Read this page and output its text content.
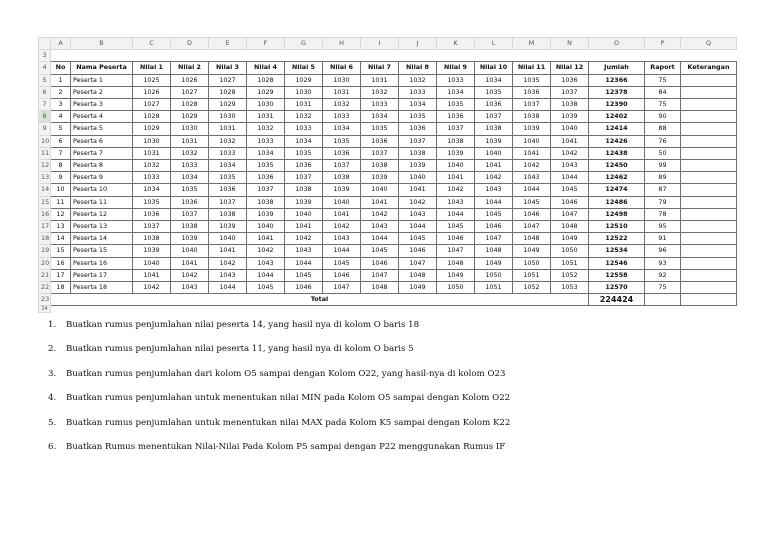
	A	B	C	D	E	F	G	H	I	J	K	L	M	N	O	P	Q
3																	
4	No	Nama Peserta	Nilai 1	Nilai 2	Nilai 3	Nilai 4	Nilai 5	Nilai 6	Nilai 7	Nilai 8	Nilai 9	Nilai 10	Nilai 11	Nilai 12	Jumlah	Raport	Keterangan
5	1	Peserta 1	1025	1026	1027	1028	1029	1030	1031	1032	1033	1034	1035	1036	12366	75	
6	2	Peserta 2	1026	1027	1028	1029	1030	1031	1032	1033	1034	1035	1036	1037	12378	84	
7	3	Peserta 3	1027	1028	1029	1030	1031	1032	1033	1034	1035	1036	1037	1038	12390	75	
8	4	Peserta 4	1028	1029	1030	1031	1032	1033	1034	1035	1036	1037	1038	1039	12402	90	
9	5	Peserta 5	1029	1030	1031	1032	1033	1034	1035	1036	1037	1038	1039	1040	12414	88	
10	6	Peserta 6	1030	1031	1032	1033	1034	1035	1036	1037	1038	1039	1040	1041	12426	76	
11	7	Peserta 7	1031	1032	1033	1034	1035	1036	1037	1038	1039	1040	1041	1042	12438	50	
12	8	Peserta 8	1032	1033	1034	1035	1036	1037	1038	1039	1040	1041	1042	1043	12450	99	
13	9	Peserta 9	1033	1034	1035	1036	1037	1038	1039	1040	1041	1042	1043	1044	12462	89	
14	10	Peserta 10	1034	1035	1036	1037	1038	1039	1040	1041	1042	1043	1044	1045	12474	87	
15	11	Peserta 11	1035	1036	1037	1038	1039	1040	1041	1042	1043	1044	1045	1046	12486	79	
16	12	Peserta 12	1036	1037	1038	1039	1040	1041	1042	1043	1044	1045	1046	1047	12498	78	
17	13	Peserta 13	1037	1038	1039	1040	1041	1042	1043	1044	1045	1046	1047	1048	12510	95	
18	14	Peserta 14	1038	1039	1040	1041	1042	1043	1044	1045	1046	1047	1048	1049	12522	91	
19	15	Peserta 15	1039	1040	1041	1042	1043	1044	1045	1046	1047	1048	1049	1050	12534	96	
20	16	Peserta 16	1040	1041	1042	1043	1044	1045	1046	1047	1048	1049	1050	1051	12546	93	
21	17	Peserta 17	1041	1042	1043	1044	1045	1046	1047	1048	1049	1050	1051	1052	12558	92	
22	18	Peserta 18	1042	1043	1044	1045	1046	1047	1048	1049	1050	1051	1052	1053	12570	75	
23	Total														224424		
24																	
1. Buatkan rumus penjumlahan nilai peserta 14, yang hasil nya di kolom O baris 18
2. Buatkan rumus penjumlahan nilai peserta 11, yang hasil nya di kolom O baris 5
3. Buatkan rumus penjumlahan dari kolom O5 sampai dengan Kolom O22, yang hasil-nya di kolom O23
4. Buatkan rumus penjumlahan untuk menentukan nilai MIN pada Kolom O5 sampai dengan Kolom O22
5. Buatkan rumus penjumlahan untuk menentukan nilai MAX pada Kolom K5 sampai dengan Kolom K22
6. Buatkan Rumus menentukan Nilai-Nilai Pada Kolom P5 sampai dengan P22 menggunakan Rumus IF
